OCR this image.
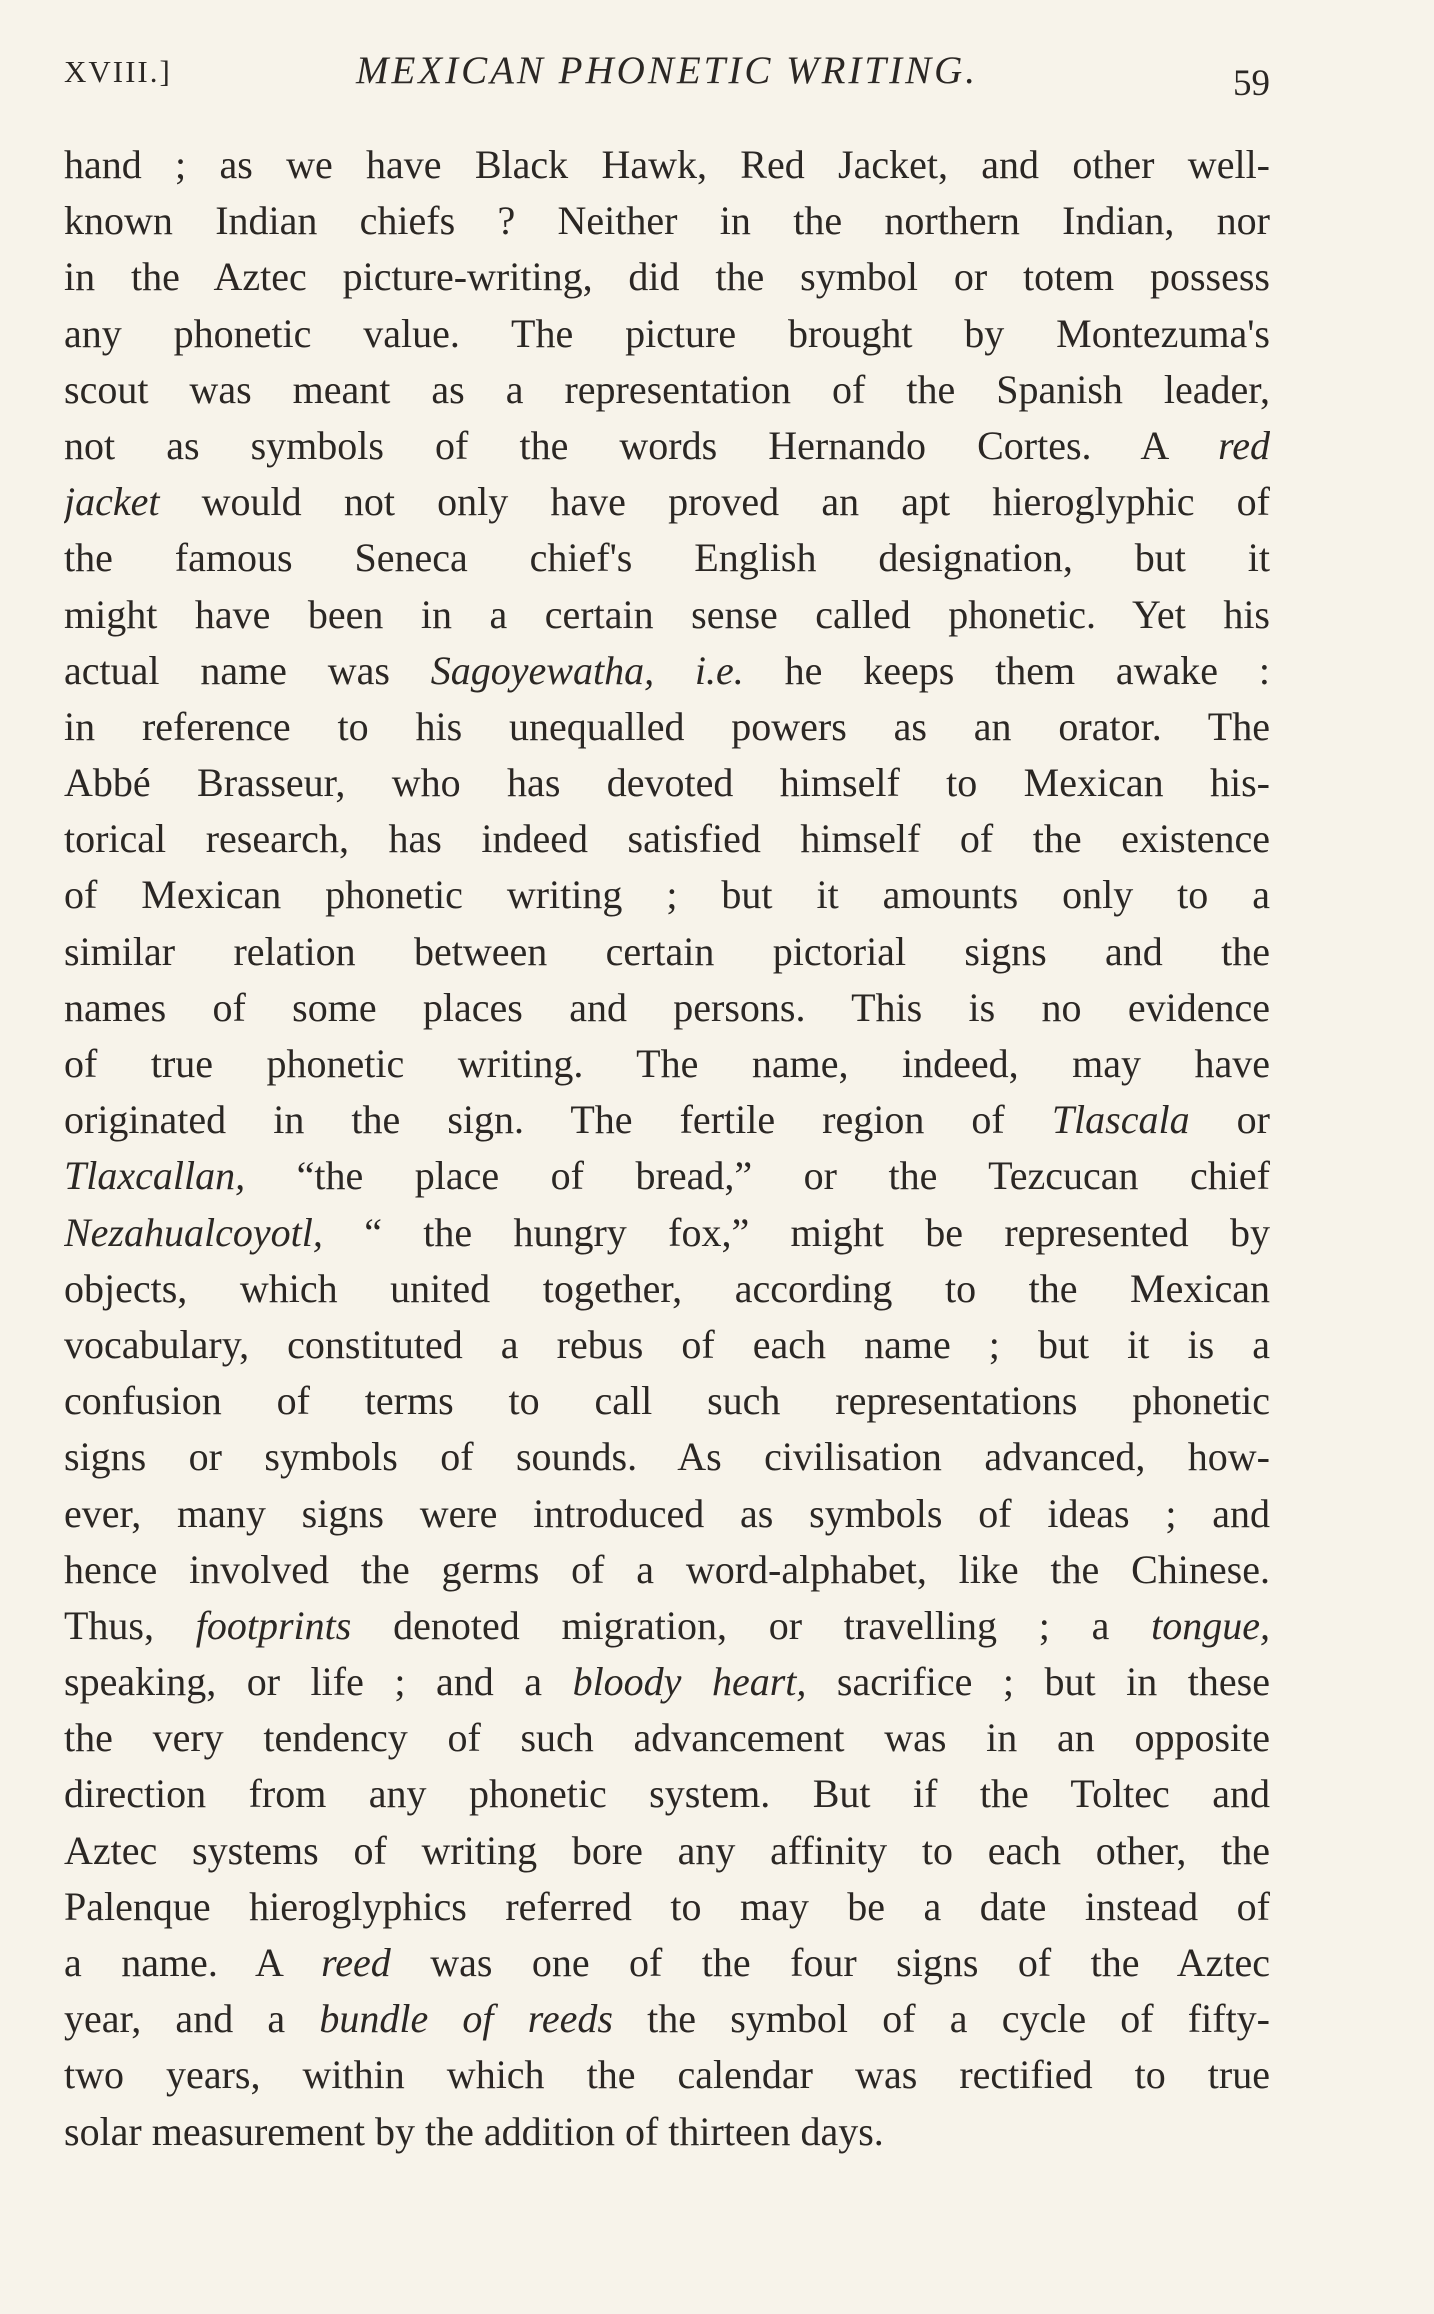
XVIII.]	MEXICAN PHONETIC WRITING.	59
hand ; as we have Black Hawk, Red Jacket, and other well-
known Indian chiefs ? Neither in the northern Indian, nor
in the Aztec picture-writing, did the symbol or totem possess
any phonetic value. The picture brought by Montezuma's
scout was meant as a representation of the Spanish leader,
not as symbols of the words Hernando Cortes. A red
jacket would not only have proved an apt hieroglyphic of
the famous Seneca chief's English designation, but it
might have been in a certain sense called phonetic. Yet his
actual name was Sagoyewatha, i.e. he keeps them awake :
in reference to his unequalled powers as an orator. The
Abbé Brasseur, who has devoted himself to Mexican his-
torical research, has indeed satisfied himself of the existence
of Mexican phonetic writing ; but it amounts only to a
similar relation between certain pictorial signs and the
names of some places and persons. This is no evidence
of true phonetic writing. The name, indeed, may have
originated in the sign. The fertile region of Tlascala or
Tlaxcallan, “the place of bread,” or the Tezcucan chief
Nezahualcoyotl, “ the hungry fox,” might be represented by
objects, which united together, according to the Mexican
vocabulary, constituted a rebus of each name ; but it is a
confusion of terms to call such representations phonetic
signs or symbols of sounds. As civilisation advanced, how-
ever, many signs were introduced as symbols of ideas ; and
hence involved the germs of a word-alphabet, like the Chinese.
Thus, footprints denoted migration, or travelling ; a tongue,
speaking, or life ; and a bloody heart, sacrifice ; but in these
the very tendency of such advancement was in an opposite
direction from any phonetic system. But if the Toltec and
Aztec systems of writing bore any affinity to each other, the
Palenque hieroglyphics referred to may be a date instead of
a name. A reed was one of the four signs of the Aztec
year, and a bundle of reeds the symbol of a cycle of fifty-
two years, within which the calendar was rectified to true
solar measurement by the addition of thirteen days.
